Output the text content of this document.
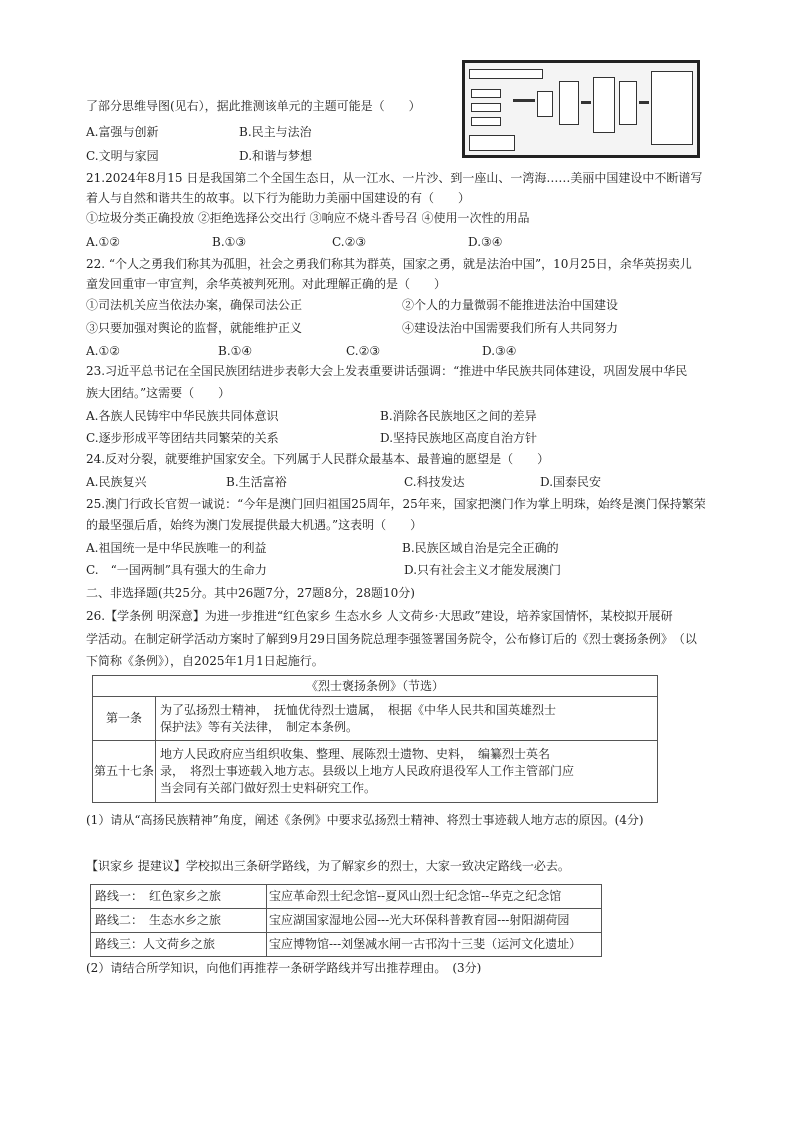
了部分思维导图(见右），据此推测该单元的主题可能是（　　）
A.富强与创新	B.民主与法治
C.文明与家园	D.和谐与梦想
21.2024年8月15 日是我国第二个全国生态日，从一江水、一片沙、到一座山、一湾海……美丽中国建设中不断谱写
着人与自然和谐共生的故事。以下行为能助力美丽中国建设的有（　　）
①垃圾分类正确投放 ②拒绝选择公交出行 ③响应不烧斗香号召 ④使用一次性的用品
A.①②	B.①③	C.②③	D.③④
22. “个人之勇我们称其为孤胆，社会之勇我们称其为群英，国家之勇，就是法治中国”，10月25日，余华英拐卖儿
童发回重审一审宣判，余华英被判死刑。对此理解正确的是（　　）
①司法机关应当依法办案，确保司法公正	②个人的力量微弱不能推进法治中国建设
③只要加强对舆论的监督，就能维护正义	④建设法治中国需要我们所有人共同努力
A.①②	B.①④	C.②③	D.③④
23.习近平总书记在全国民族团结进步表彰大会上发表重要讲话强调：“推进中华民族共同体建设，巩固发展中华民
族大团结。”这需要（　　）
A.各族人民铸牢中华民族共同体意识	B.消除各民族地区之间的差异
C.逐步形成平等团结共同繁荣的关系	D.坚持民族地区高度自治方针
24.反对分裂，就要维护国家安全。下列属于人民群众最基本、最普遍的愿望是（　　）
A.民族复兴	B.生活富裕	C.科技发达	D.国泰民安
25.澳门行政长官贺一诚说：“今年是澳门回归祖国25周年，25年来，国家把澳门作为掌上明珠，始终是澳门保持繁荣
的最坚强后盾，始终为澳门发展提供最大机遇。”这表明（　　）
A.祖国统一是中华民族唯一的利益	B.民族区域自治是完全正确的
C.　“一国两制”具有强大的生命力	D.只有社会主义才能发展澳门
二、非选择题(共25分。其中26题7分，27题8分，28题10分)
26.【学条例 明深意】为进一步推进“红色家乡 生态水乡 人文荷乡·大思政”建设，培养家国情怀，某校拟开展研
学活动。在制定研学活动方案时了解到9月29日国务院总理李强签署国务院令，公布修订后的《烈士褒扬条例》　（以
下简称《条例》），自2025年1月1日起施行。
《烈士褒扬条例》（节选）	
第一条	为了弘扬烈士精神，　抚恤优待烈士遗属，　根据《中华人民共和国英雄烈士
保护法》等有关法律，　制定本条例。

第五十七条	地方人民政府应当组织收集、整理、展陈烈士遗物、史料，　编纂烈士英名
录，　将烈士事迹载入地方志。县级以上地方人民政府退役军人工作主管部门应
当会同有关部门做好烈士史料研究工作。
(1）请从“高扬民族精神”角度，阐述《条例》中要求弘扬烈士精神、将烈士事迹载人地方志的原因。(4分)
【识家乡 提建议】学校拟出三条研学路线，为了解家乡的烈士，大家一致决定路线一必去。
路线一：　红色家乡之旅	宝应革命烈士纪念馆--夏风山烈士纪念馆--华克之纪念馆
路线二：　生态水乡之旅	宝应湖国家湿地公园---光大环保科普教育园---射阳湖荷园
路线三：人文荷乡之旅	宝应博物馆---刘堡减水闸一古邗沟十三斐（运河文化遗址）
(2）请结合所学知识，向他们再推荐一条研学路线并写出推荐理由。　(3分)
